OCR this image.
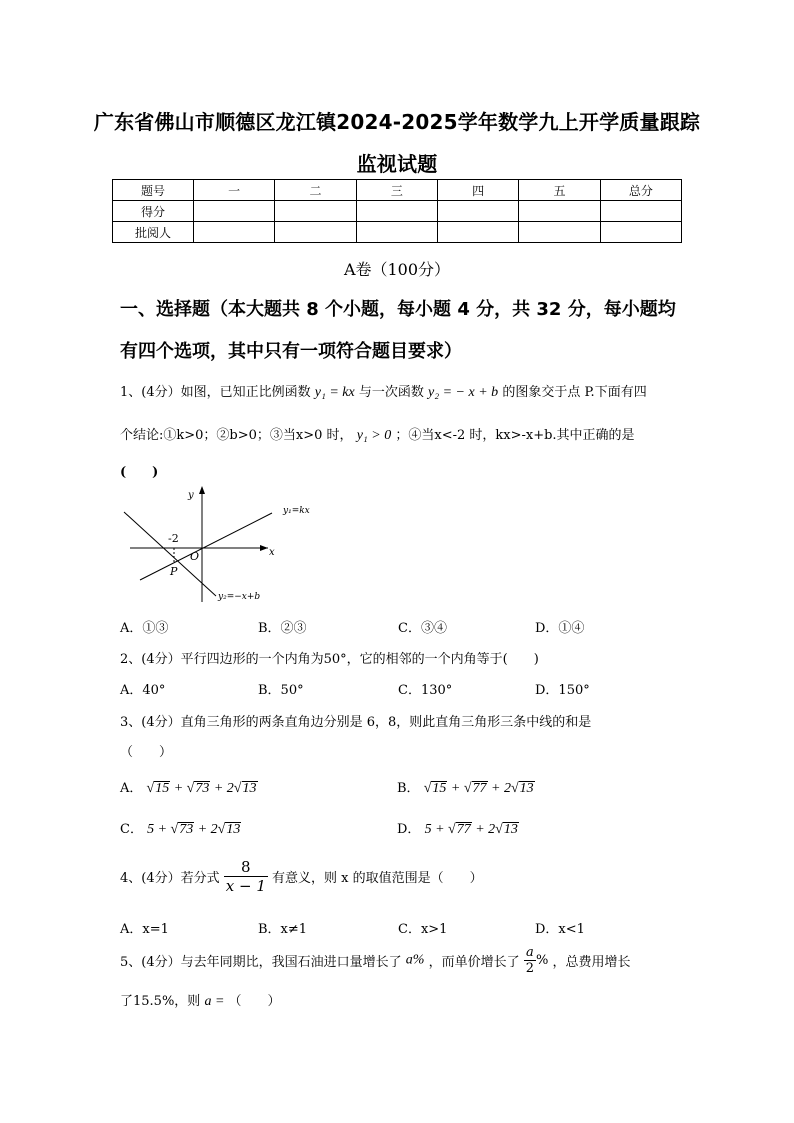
广东省佛山市顺德区龙江镇2024-2025学年数学九上开学质量跟踪
监视试题
题号	一	二	三	四	五	总分
得分						
批阅人						
A卷（100分）
一、选择题（本大题共 8 个小题，每小题 4 分，共 32 分，每小题均
有四个选项，其中只有一项符合题目要求）
1、(4分）如图，已知正比例函数 y₁ = kx 与一次函数 y₂ = − x + b 的图象交于点 P.下面有四
个结论:①k>0；②b>0；③当x>0 时， y₁ > 0 ；④当x<-2 时，kx>-x+b.其中正确的是
(　　)
-2
O
P
y
x
y₁=kx
y₂=−x+b
A．①③	B．②③	C．③④	D．①④
2、(4分）平行四边形的一个内角为50°，它的相邻的一个内角等于(　　)
A．40°	B．50°	C．130°	D．150°
3、(4分）直角三角形的两条直角边分别是 6，8，则此直角三角形三条中线的和是
（　　）
A． √15 + √73 + 2√13	B． √15 + √77 + 2√13
C． 5 + √73 + 2√13	D． 5 + √77 + 2√13
4、(4分）若分式 $\frac{8}{x - 1}$ 有意义，则 x 的取值范围是（　　）
A．x=1	B．x≠1	C．x>1	D．x<1
5、(4分）与去年同期比，我国石油进口量增长了 a% ，而单价增长了 $\frac{a}{2}$ % ，总费用增长
了15.5%，则 a = （　　）
